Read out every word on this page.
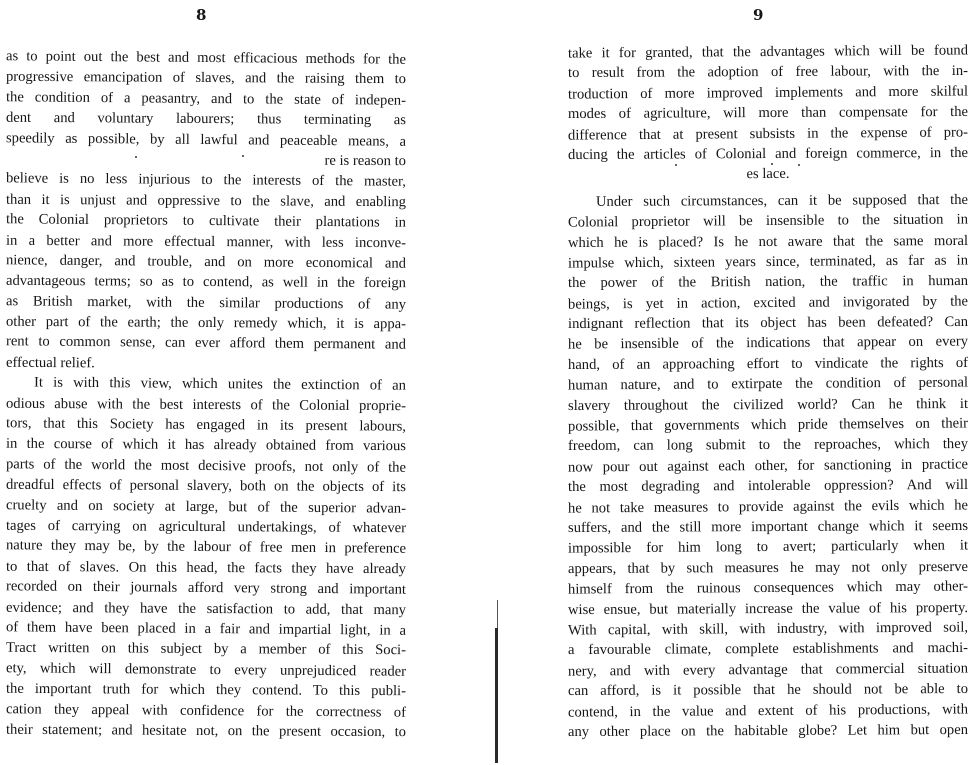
8	9
as to point out the best and most efficacious methods for the
progressive emancipation of slaves, and the raising them to
the condition of a peasantry, and to the state of indepen-
dent and voluntary labourers; thus terminating as
speedily as possible, by all lawful and peaceable means, a
re is reason to
believe is no less injurious to the interests of the master,
than it is unjust and oppressive to the slave, and enabling
the Colonial proprietors to cultivate their plantations in
in a better and more effectual manner, with less inconve-
nience, danger, and trouble, and on more economical and
advantageous terms; so as to contend, as well in the foreign
as British market, with the similar productions of any
other part of the earth; the only remedy which, it is appa-
rent to common sense, can ever afford them permanent and
effectual relief.
It is with this view, which unites the extinction of an
odious abuse with the best interests of the Colonial proprie-
tors, that this Society has engaged in its present labours,
in the course of which it has already obtained from various
parts of the world the most decisive proofs, not only of the
dreadful effects of personal slavery, both on the objects of its
cruelty and on society at large, but of the superior advan-
tages of carrying on agricultural undertakings, of whatever
nature they may be, by the labour of free men in preference
to that of slaves. On this head, the facts they have already
recorded on their journals afford very strong and important
evidence; and they have the satisfaction to add, that many
of them have been placed in a fair and impartial light, in a
Tract written on this subject by a member of this Soci-
ety, which will demonstrate to every unprejudiced reader
the important truth for which they contend. To this publi-
cation they appeal with confidence for the correctness of
their statement; and hesitate not, on the present occasion, to
take it for granted, that the advantages which will be found
to result from the adoption of free labour, with the in-
troduction of more improved implements and more skilful
modes of agriculture, will more than compensate for the
difference that at present subsists in the expense of pro-
ducing the articles of Colonial and foreign commerce, in the
es lace.
Under such circumstances, can it be supposed that the
Colonial proprietor will be insensible to the situation in
which he is placed? Is he not aware that the same moral
impulse which, sixteen years since, terminated, as far as in
the power of the British nation, the traffic in human
beings, is yet in action, excited and invigorated by the
indignant reflection that its object has been defeated? Can
he be insensible of the indications that appear on every
hand, of an approaching effort to vindicate the rights of
human nature, and to extirpate the condition of personal
slavery throughout the civilized world? Can he think it
possible, that governments which pride themselves on their
freedom, can long submit to the reproaches, which they
now pour out against each other, for sanctioning in practice
the most degrading and intolerable oppression? And will
he not take measures to provide against the evils which he
suffers, and the still more important change which it seems
impossible for him long to avert; particularly when it
appears, that by such measures he may not only preserve
himself from the ruinous consequences which may other-
wise ensue, but materially increase the value of his property.
With capital, with skill, with industry, with improved soil,
a favourable climate, complete establishments and machi-
nery, and with every advantage that commercial situation
can afford, is it possible that he should not be able to
contend, in the value and extent of his productions, with
any other place on the habitable globe? Let him but open
